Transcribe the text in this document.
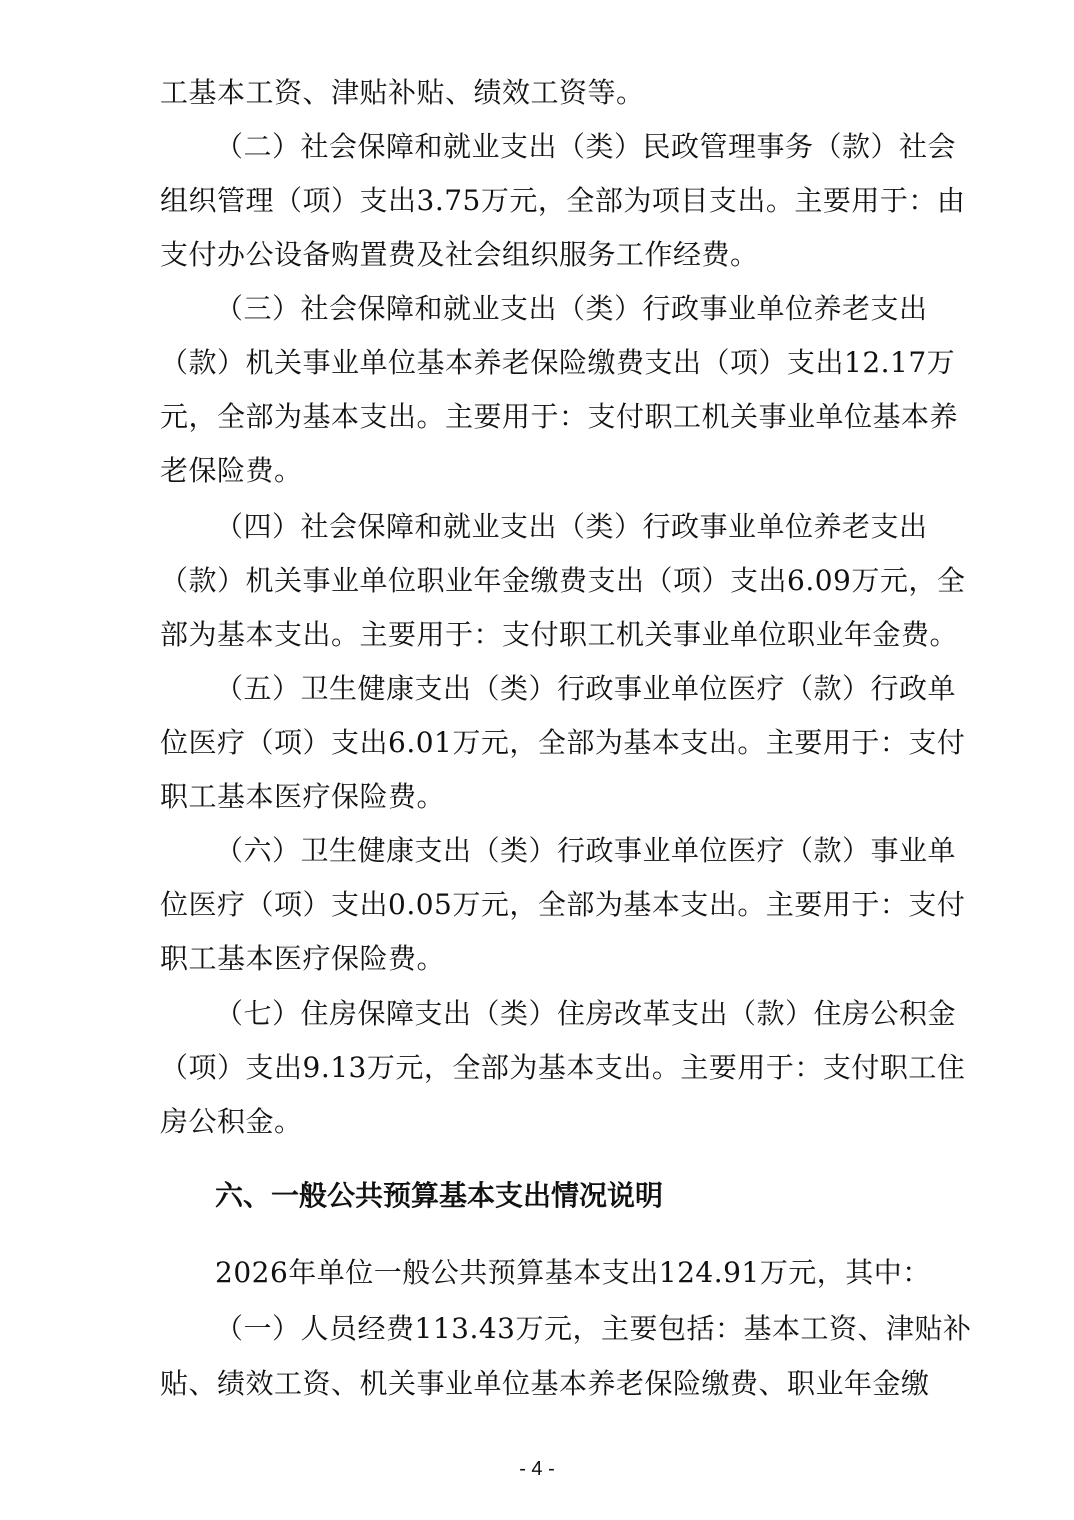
工基本工资、津贴补贴、绩效工资等。
（二）社会保障和就业支出（类）民政管理事务（款）社会
组织管理（项）支出3.75万元，全部为项目支出。主要用于：由
支付办公设备购置费及社会组织服务工作经费。
（三）社会保障和就业支出（类）行政事业单位养老支出
（款）机关事业单位基本养老保险缴费支出（项）支出12.17万
元，全部为基本支出。主要用于：支付职工机关事业单位基本养
老保险费。
（四）社会保障和就业支出（类）行政事业单位养老支出
（款）机关事业单位职业年金缴费支出（项）支出6.09万元，全
部为基本支出。主要用于：支付职工机关事业单位职业年金费。
（五）卫生健康支出（类）行政事业单位医疗（款）行政单
位医疗（项）支出6.01万元，全部为基本支出。主要用于：支付
职工基本医疗保险费。
（六）卫生健康支出（类）行政事业单位医疗（款）事业单
位医疗（项）支出0.05万元，全部为基本支出。主要用于：支付
职工基本医疗保险费。
（七）住房保障支出（类）住房改革支出（款）住房公积金
（项）支出9.13万元，全部为基本支出。主要用于：支付职工住
房公积金。
六、一般公共预算基本支出情况说明
2026年单位一般公共预算基本支出124.91万元，其中：
（一）人员经费113.43万元，主要包括：基本工资、津贴补
贴、绩效工资、机关事业单位基本养老保险缴费、职业年金缴
- 4 -
